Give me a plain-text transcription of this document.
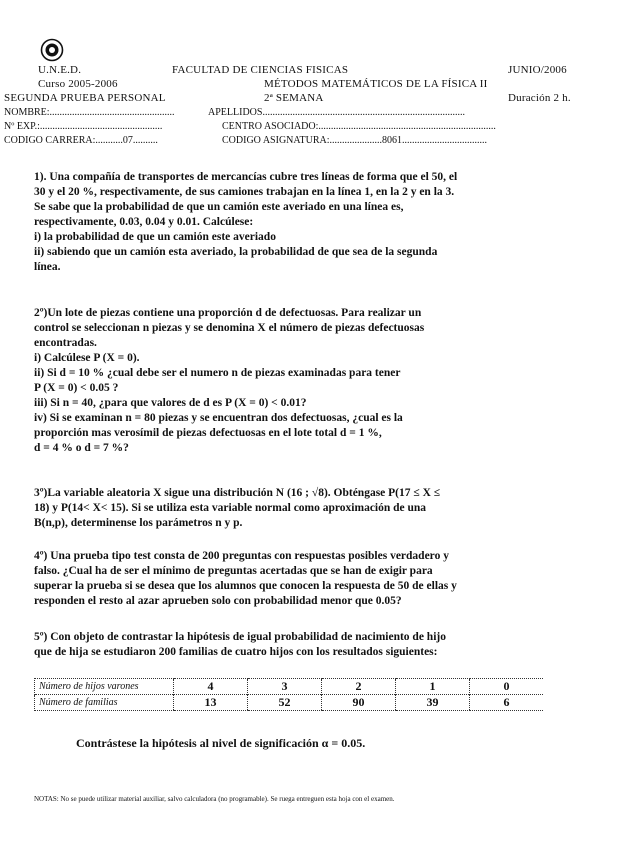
U.N.E.D.
Curso 2005-2006
SEGUNDA PRUEBA PERSONAL
FACULTAD DE CIENCIAS FISICAS
MÉTODOS MATEMÁTICOS DE LA FÍSICA II
2ª SEMANA
JUNIO/2006
Duración 2 h.
NOMBRE:..................................................	APELLIDOS.................................................................................
Nº EXP.:.................................................	CENTRO ASOCIADO:.......................................................................
CODIGO CARRERA:...........07..........	CODIGO ASIGNATURA:.....................8061..................................
1). Una compañía de transportes de mercancías cubre tres líneas de forma que el 50, el
30 y el 20 %, respectivamente, de sus camiones trabajan en la línea 1, en la 2 y en la 3.
Se sabe que la probabilidad de que un camión este averiado en una línea es,
respectivamente, 0.03, 0.04 y 0.01. Calcúlese:
i) la probabilidad de que un camión este averiado
ii) sabiendo que un camión esta averiado, la probabilidad de que sea de la segunda
línea.
2º)Un lote de piezas contiene una proporción d de defectuosas. Para realizar un
control se seleccionan n piezas y se denomina X el número de piezas defectuosas
encontradas.
i) Calcúlese P (X = 0).
ii) Si d = 10 % ¿cual debe ser el numero n de piezas examinadas para tener
P (X = 0) < 0.05 ?
iii) Si n = 40, ¿para que valores de d es P (X = 0) < 0.01?
iv) Si se examinan n = 80 piezas y se encuentran dos defectuosas, ¿cual es la
proporción mas verosímil de piezas defectuosas en el lote total d = 1 %,
d = 4 % o d = 7 %?
3º)La variable aleatoria X sigue una distribución N (16 ; √8). Obténgase P(17 ≤ X ≤
18) y P(14< X< 15). Si se utiliza esta variable normal como aproximación de una
B(n,p), determinense los parámetros n y p.
4º) Una prueba tipo test consta de 200 preguntas con respuestas posibles verdadero y
falso. ¿Cual ha de ser el mínimo de preguntas acertadas que se han de exigir para
superar la prueba si se desea que los alumnos que conocen la respuesta de 50 de ellas y
responden el resto al azar aprueben solo con probabilidad menor que 0.05?
5º) Con objeto de contrastar la hipótesis de igual probabilidad de nacimiento de hijo
que de hija se estudiaron 200 familias de cuatro hijos con los resultados siguientes:
Número de hijos varones	4	3	2	1	0
Número de familias	13	52	90	39	6
Contrástese la hipótesis al nivel de significación α = 0.05.
NOTAS: No se puede utilizar material auxiliar, salvo calculadora (no programable). Se ruega entreguen esta hoja con el examen.
